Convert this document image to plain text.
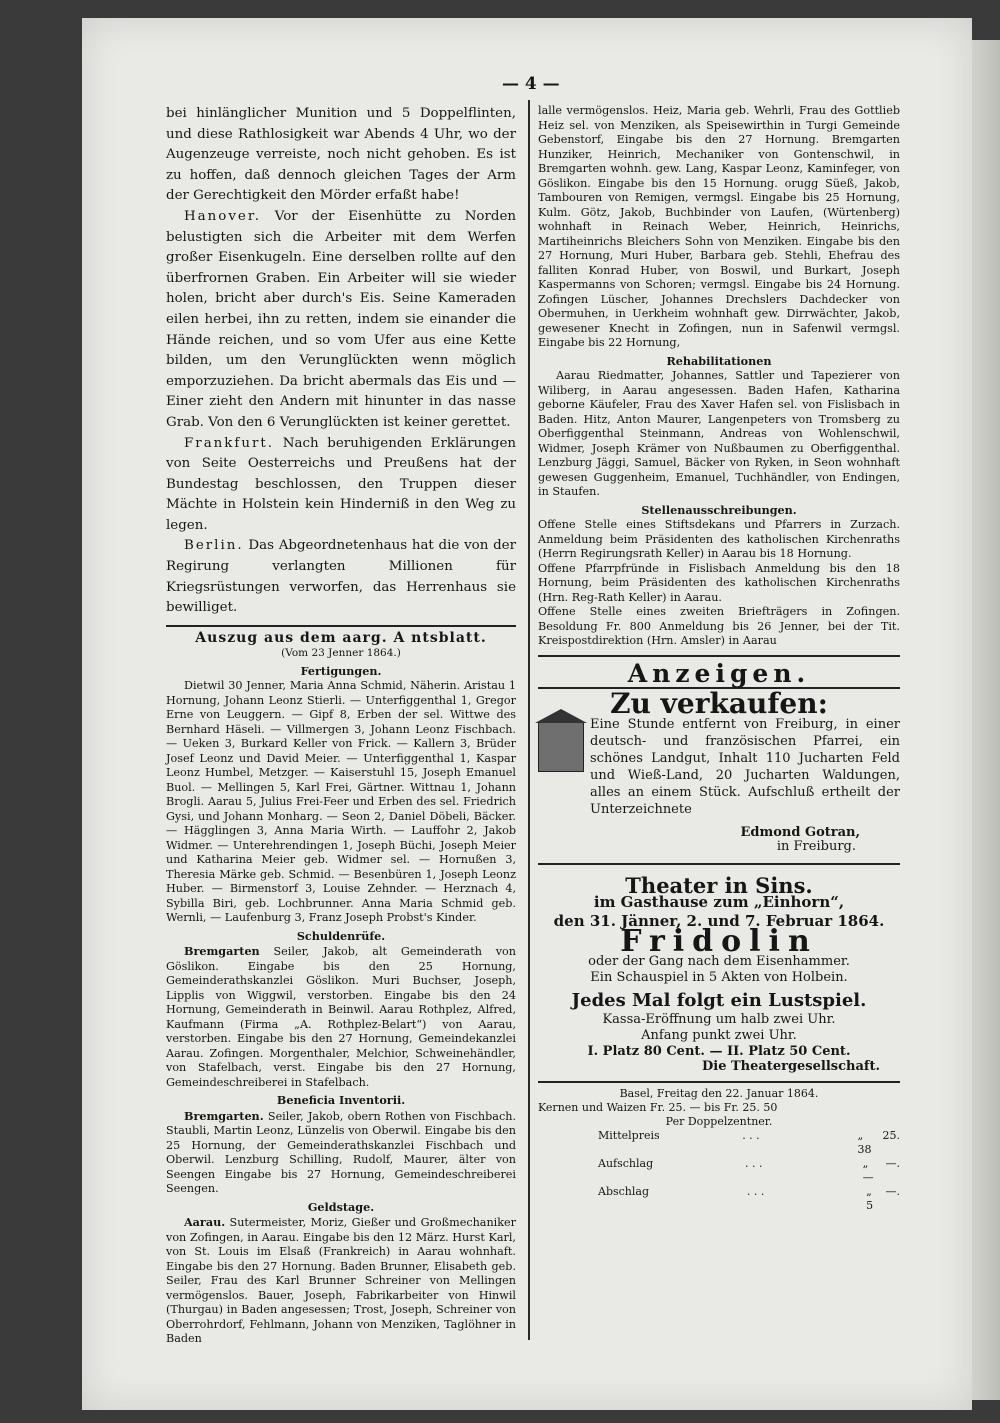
— 4 —

bei hinlänglicher Munition und 5 Doppelflinten, und diese Rathlosigkeit war Abends 4 Uhr, wo der Augenzeuge verreiste, noch nicht gehoben. Es ist zu hoffen, daß dennoch gleichen Tages der Arm der Gerechtigkeit den Mörder erfaßt habe!

Hanover. Vor der Eisenhütte zu Norden belustigten sich die Arbeiter mit dem Werfen großer Eisenkugeln. Eine derselben rollte auf den überfrornen Graben. Ein Arbeiter will sie wieder holen, bricht aber durch's Eis. Seine Kameraden eilen herbei, ihn zu retten, indem sie einander die Hände reichen, und so vom Ufer aus eine Kette bilden, um den Verunglückten wenn möglich emporzuziehen. Da bricht abermals das Eis und — Einer zieht den Andern mit hinunter in das nasse Grab. Von den 6 Verunglückten ist keiner gerettet.

Frankfurt. Nach beruhigenden Erklärungen von Seite Oesterreichs und Preußens hat der Bundestag beschlossen, den Truppen dieser Mächte in Holstein kein Hinderniß in den Weg zu legen.

Berlin. Das Abgeordnetenhaus hat die von der Regirung verlangten Millionen für Kriegsrüstungen verworfen, das Herrenhaus sie bewilliget.

Auszug aus dem aarg. A ntsblatt.
(Vom 23 Jenner 1864.)
Fertigungen.

Dietwil 30 Jenner, Maria Anna Schmid, Näherin. Aristau 1 Hornung, Johann Leonz Stierli. — Unterfiggenthal 1, Gregor Erne von Leuggern. — Gipf 8, Erben der sel. Wittwe des Bernhard Häseli. — Villmergen 3, Johann Leonz Fischbach. — Ueken 3, Burkard Keller von Frick. — Kallern 3, Brüder Josef Leonz und David Meier. — Unterfiggenthal 1, Kaspar Leonz Humbel, Metzger. — Kaiserstuhl 15, Joseph Emanuel Buol. — Mellingen 5, Karl Frei, Gärtner. Wittnau 1, Johann Brogli. Aarau 5, Julius Frei-Feer und Erben des sel. Friedrich Gysi, und Johann Monharg. — Seon 2, Daniel Döbeli, Bäcker. — Hägglingen 3, Anna Maria Wirth. — Lauffohr 2, Jakob Widmer. — Unterehrendingen 1, Joseph Büchi, Joseph Meier und Katharina Meier geb. Widmer sel. — Hornußen 3, Theresia Märke geb. Schmid. — Besenbüren 1, Joseph Leonz Huber. — Birmenstorf 3, Louise Zehnder. — Herznach 4, Sybilla Biri, geb. Lochbrunner. Anna Maria Schmid geb. Wernli, — Laufenburg 3, Franz Joseph Probst's Kinder.

Schuldenrüfe.

Bremgarten Seiler, Jakob, alt Gemeinderath von Göslikon. Eingabe bis den 25 Hornung, Gemeinderathskanzlei Göslikon. Muri Buchser, Joseph, Lipplis von Wiggwil, verstorben. Eingabe bis den 24 Hornung, Gemeinderath in Beinwil. Aarau Rothplez, Alfred, Kaufmann (Firma „A. Rothplez-Belart“) von Aarau, verstorben. Eingabe bis den 27 Hornung, Gemeindekanzlei Aarau. Zofingen. Morgenthaler, Melchior, Schweinehändler, von Stafelbach, verst. Eingabe bis den 27 Hornung, Gemeindeschreiberei in Stafelbach.

Beneficia Inventorii.

Bremgarten. Seiler, Jakob, obern Rothen von Fischbach. Staubli, Martin Leonz, Lünzelis von Oberwil. Eingabe bis den 25 Hornung, der Gemeinderathskanzlei Fischbach und Oberwil. Lenzburg Schilling, Rudolf, Maurer, älter von Seengen Eingabe bis 27 Hornung, Gemeindeschreiberei Seengen.

Geldstage.

Aarau. Sutermeister, Moriz, Gießer und Großmechaniker von Zofingen, in Aarau. Eingabe bis den 12 März. Hurst Karl, von St. Louis im Elsaß (Frankreich) in Aarau wohnhaft. Eingabe bis den 27 Hornung. Baden Brunner, Elisabeth geb. Seiler, Frau des Karl Brunner Schreiner von Mellingen vermögenslos. Bauer, Joseph, Fabrikarbeiter von Hinwil (Thurgau) in Baden angesessen; Trost, Joseph, Schreiner von Oberrohrdorf, Fehlmann, Johann von Menziken, Taglöhner in Baden

lalle vermögenslos. Heiz, Maria geb. Wehrli, Frau des Gottlieb Heiz sel. von Menziken, als Speisewirthin in Turgi Gemeinde Gebenstorf, Eingabe bis den 27 Hornung. Bremgarten Hunziker, Heinrich, Mechaniker von Gontenschwil, in Bremgarten wohnh. gew. Lang, Kaspar Leonz, Kaminfeger, von Göslikon. Eingabe bis den 15 Hornung. orugg Süeß, Jakob, Tambouren von Remigen, vermgsl. Eingabe bis 25 Hornung, Kulm. Götz, Jakob, Buchbinder von Laufen, (Würtenberg) wohnhaft in Reinach Weber, Heinrich, Heinrichs, Martiheinrichs Bleichers Sohn von Menziken. Eingabe bis den 27 Hornung, Muri Huber, Barbara geb. Stehli, Ehefrau des falliten Konrad Huber, von Boswil, und Burkart, Joseph Kaspermanns von Schoren; vermgsl. Eingabe bis 24 Hornung. Zofingen Lüscher, Johannes Drechslers Dachdecker von Obermuhen, in Uerkheim wohnhaft gew. Dirrwächter, Jakob, gewesener Knecht in Zofingen, nun in Safenwil vermgsl. Eingabe bis 22 Hornung,

Rehabilitationen

Aarau Riedmatter, Johannes, Sattler und Tapezierer von Wiliberg, in Aarau angesessen. Baden Hafen, Katharina geborne Käufeler, Frau des Xaver Hafen sel. von Fislisbach in Baden. Hitz, Anton Maurer, Langenpeters von Tromsberg zu Oberfiggenthal Steinmann, Andreas von Wohlenschwil, Widmer, Joseph Krämer von Nußbaumen zu Oberfiggenthal. Lenzburg Jäggi, Samuel, Bäcker von Ryken, in Seon wohnhaft gewesen Guggenheim, Emanuel, Tuchhändler, von Endingen, in Staufen.

Stellenausschreibungen.

Offene Stelle eines Stiftsdekans und Pfarrers in Zurzach. Anmeldung beim Präsidenten des katholischen Kirchenraths (Herrn Regirungsrath Keller) in Aarau bis 18 Hornung.

Offene Pfarrpfründe in Fislisbach Anmeldung bis den 18 Hornung, beim Präsidenten des katholischen Kirchenraths (Hrn. Reg-Rath Keller) in Aarau.

Offene Stelle eines zweiten Briefträgers in Zofingen. Besoldung Fr. 800 Anmeldung bis 26 Jenner, bei der Tit. Kreispostdirektion (Hrn. Amsler) in Aarau

Anzeigen.
Zu verkaufen:
Eine Stunde entfernt von Freiburg, in einer deutsch- und französischen Pfarrei, ein schönes Landgut, Inhalt 110 Jucharten Feld und Wieß-Land, 20 Jucharten Waldungen, alles an einem Stück. Aufschluß ertheilt der Unterzeichnete
Edmond Gotran,
in Freiburg.
Theater in Sins.
im Gasthause zum „Einhorn“,
den 31. Jänner, 2. und 7. Februar 1864.
Fridolin
oder der Gang nach dem Eisenhammer.
Ein Schauspiel in 5 Akten von Holbein.
Jedes Mal folgt ein Lustspiel.
Kassa-Eröffnung um halb zwei Uhr.
Anfang punkt zwei Uhr.
I. Platz 80 Cent. — II. Platz 50 Cent.
Die Theatergesellschaft.
Basel, Freitag den 22. Januar 1864.
Kernen und Waizen Fr. 25. — bis Fr. 25. 50
Per Doppelzentner.
Mittelpreis	. . .	„ 25. 38
Aufschlag	. . .	„ —. —
Abschlag	. . .	„ —. 5
